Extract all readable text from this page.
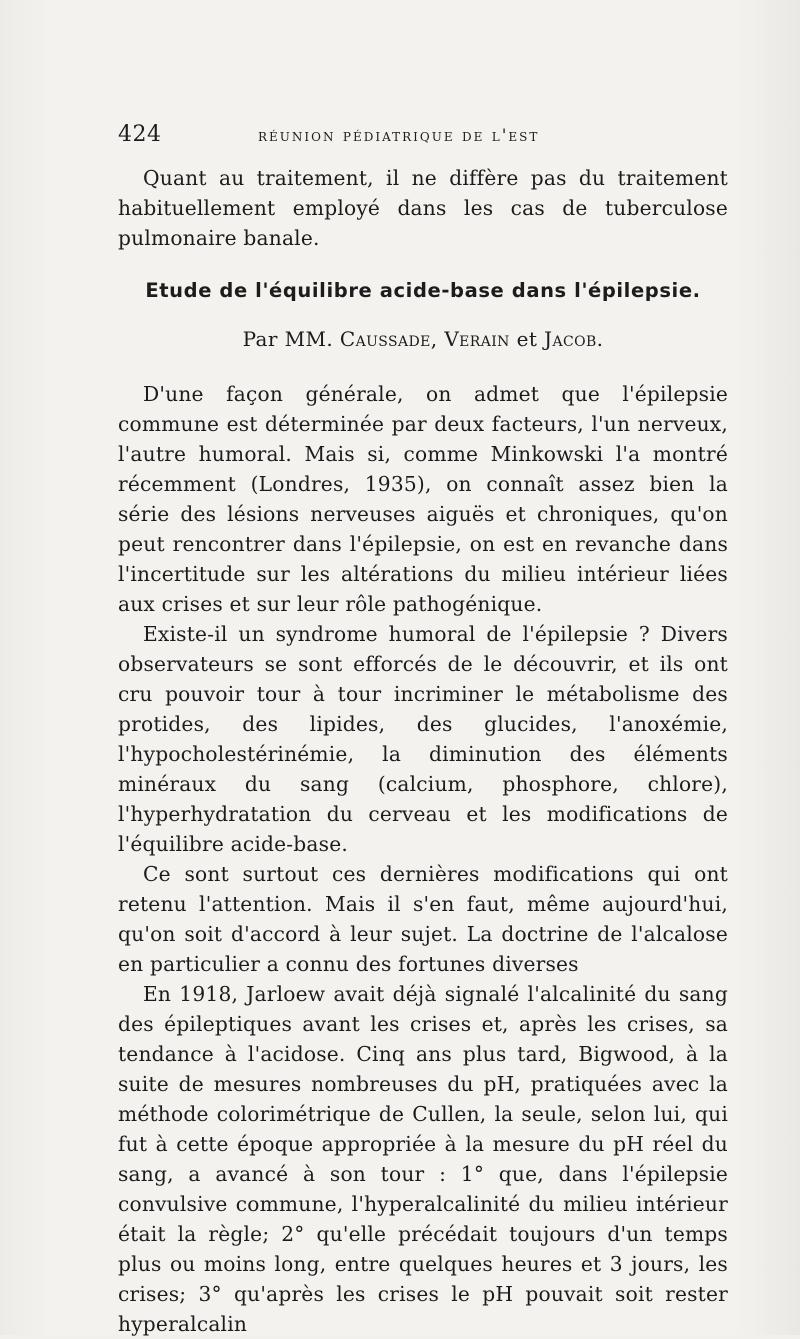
424	réunion pédiatrique de l'est

Quant au traitement, il ne diffère pas du traitement habituellement employé dans les cas de tuberculose pulmonaire banale.

Etude de l'équilibre acide-base dans l'épilepsie.
Par MM. Caussade, Verain et Jacob.

D'une façon générale, on admet que l'épilepsie commune est déterminée par deux facteurs, l'un nerveux, l'autre humoral. Mais si, comme Minkowski l'a montré récemment (Londres, 1935), on connaît assez bien la série des lésions nerveuses aiguës et chroniques, qu'on peut rencontrer dans l'épilepsie, on est en revanche dans l'incertitude sur les altérations du milieu intérieur liées aux crises et sur leur rôle pathogénique.

Existe-il un syndrome humoral de l'épilepsie ? Divers observateurs se sont efforcés de le découvrir, et ils ont cru pouvoir tour à tour incriminer le métabolisme des protides, des lipides, des glucides, l'anoxémie, l'hypocholestérinémie, la diminution des éléments minéraux du sang (calcium, phosphore, chlore), l'hyperhydratation du cerveau et les modifications de l'équilibre acide-base.

Ce sont surtout ces dernières modifications qui ont retenu l'attention. Mais il s'en faut, même aujourd'hui, qu'on soit d'accord à leur sujet. La doctrine de l'alcalose en particulier a connu des fortunes diverses

En 1918, Jarloew avait déjà signalé l'alcalinité du sang des épileptiques avant les crises et, après les crises, sa tendance à l'acidose. Cinq ans plus tard, Bigwood, à la suite de mesures nombreuses du pH, pratiquées avec la méthode colorimétrique de Cullen, la seule, selon lui, qui fut à cette époque appropriée à la mesure du pH réel du sang, a avancé à son tour : 1° que, dans l'épilepsie convulsive commune, l'hyperalcalinité du milieu intérieur était la règle; 2° qu'elle précédait toujours d'un temps plus ou moins long, entre quelques heures et 3 jours, les crises; 3° qu'après les crises le pH pouvait soit rester hyperalcalin
